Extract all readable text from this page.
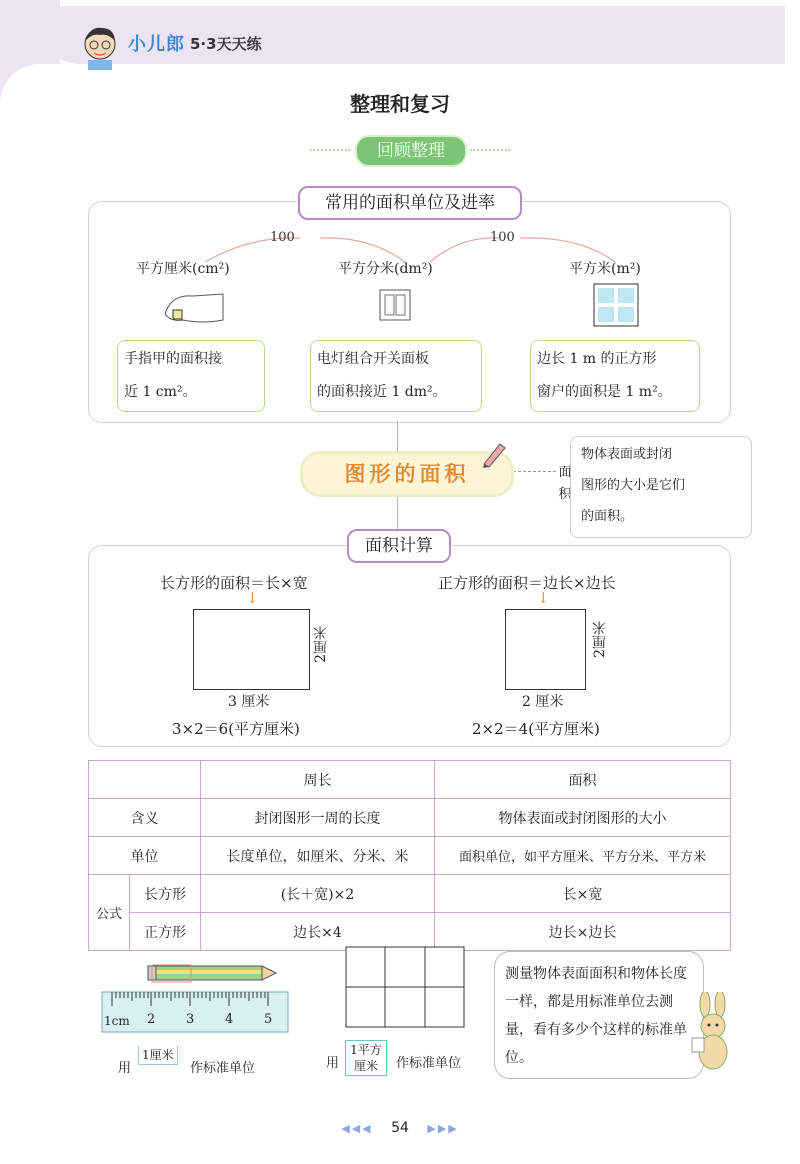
小儿郎 5·3天天练
整理和复习
回顾整理
常用的面积单位及进率
100	100
平方厘米(cm²)	平方分米(dm²)	平方米(m²)
手指甲的面积接
近 1 cm²。
电灯组合开关面板
的面积接近 1 dm²。
边长 1 m 的正方形
窗户的面积是 1 m²。
图形的面积	面积
物体表面或封闭
图形的大小是它们
的面积。
面积计算
长方形的面积＝长×宽
↓
2厘米
3 厘米
3×2＝6(平方厘米)
正方形的面积＝边长×边长
↓
2厘米
2 厘米
2×2＝4(平方厘米)
		周长	面积
含义		封闭图形一周的长度	物体表面或封闭图形的大小
单位		长度单位，如厘米、分米、米	面积单位，如平方厘米、平方分米、平方米
公式	长方形	(长＋宽)×2	长×宽
	正方形	边长×4	边长×边长
1cm 2 3 4 5
用
1厘米
作标准单位	用
1平方
厘米	作标准单位
测量物体表面面积和物体长度一样，都是用标准单位去测量，看有多少个这样的标准单位。
◀◀◀ 54 ▶▶▶
